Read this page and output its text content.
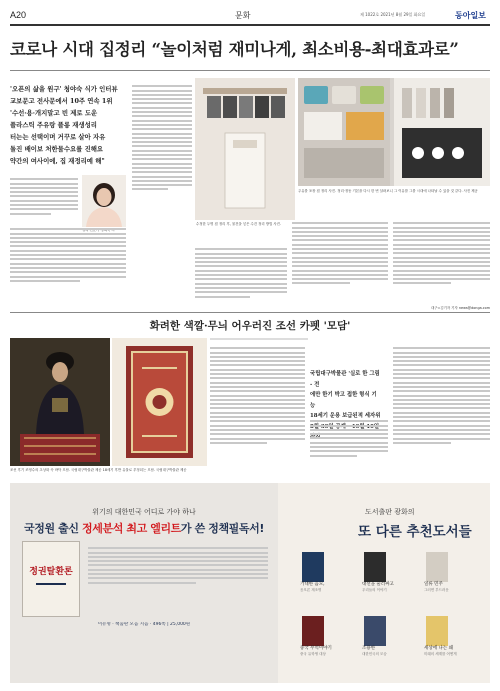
A20	문화	제 1022호 2021년 8월 29일 화요일	동아일보
코로나 시대 집정리 “놀이처럼 재미나게, 최소비용-최대효과로”
'오픈의 삶을 원구' 청야숙 식가 인터뷰
교보문고 전사문에서 10주 연속 1위
'수선·용·개지말고 빈 제로 도운
플라스틱 주유랑 플롱 재생성리
터는는 선택이며 거꾸로 살아 자유
돌진 배이보 처한물수요를 진해요
약간의 여사이에, 집 재정리예 해"
수정한 두명 집 정리 후, 물건을 넣은 수건 정리 방법 사진.
주유를 포장 집 정리 사진. 정리·정동 기본을 다시 한 번 살펴보니 그 이유를 그를 시대에 나타날 수 있을 것 같다. 사진 제공
대구=김기자 기자 news@donga.com
화려한 색깔·무늬 어우러진 조선 카펫 '모담'
조선 후기 조영수의 초상화 속 바닥 모담. 국립대구박물관 제공 18세기 후반 유물로 추정되는 모담. 국립대구박물관 제공
국립대구박물관 '실로 한 그림 - 전
에만 한기 박고 접한 형식 기능
18세기 운용 보급된적 세자위
위기의 대한민국 어디로 가야 하나
국정원 출신 정세분석 최고 엘리트가 쓴 정책필독서!
정권탈환론
이유명 · 책출판 모음 지음 · 496쪽 | 25,000원
도서출판 광화의
또 다른 추천도서들
거대한 음모,
음모론 재조명
대선을 둘러싸고
우리들의 이야기
일류 민주
그러면 부드러운
중국 무역이야기
중국 유학생 대상
조용한
대한민국의 모습
세상에 나는 왜
미래의 세계를 어떻게
